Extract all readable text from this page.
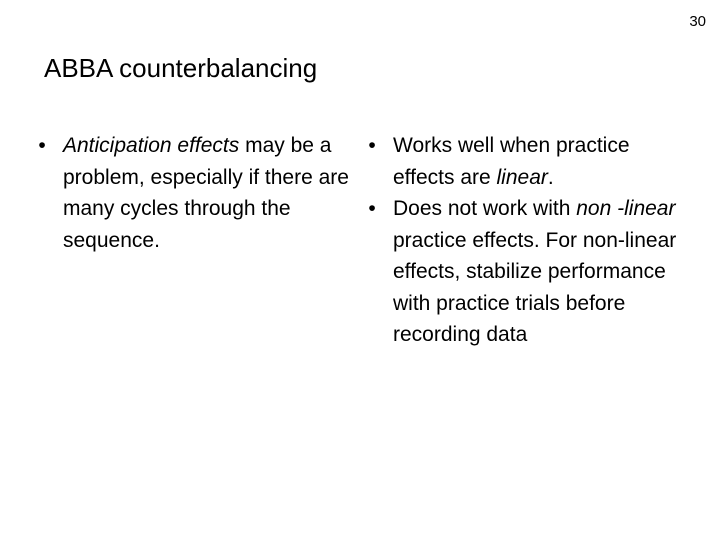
30
ABBA counterbalancing

• Anticipation effects may be a problem, especially if there are many cycles through the sequence.

• Works well when practice effects are linear.

• Does not work with non -linear practice effects. For non-linear effects, stabilize performance with practice trials before recording data
